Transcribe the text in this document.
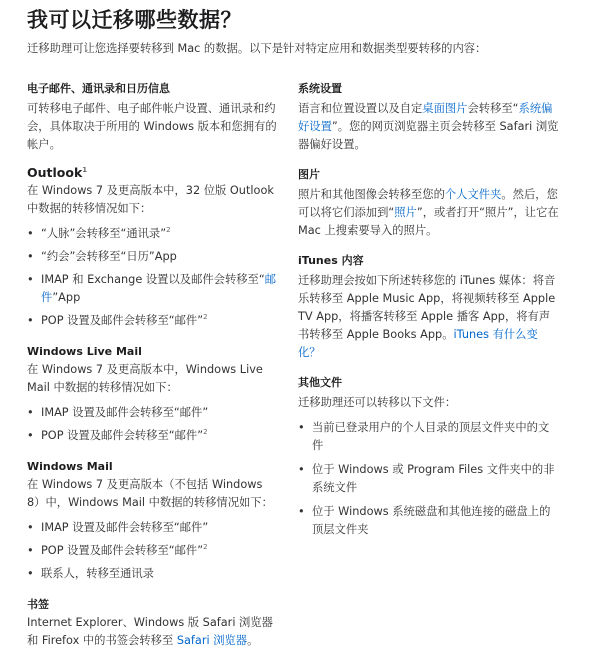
我可以迁移哪些数据？

迁移助理可让您选择要转移到 Mac 的数据。以下是针对特定应用和数据类型要转移的内容：

电子邮件、通讯录和日历信息

可转移电子邮件、电子邮件帐户设置、通讯录和约会，具体取决于所用的 Windows 版本和您拥有的帐户。

Outlook$^1$

在 Windows 7 及更高版本中，32 位版 Outlook 中数据的转移情况如下：

• “人脉”会转移至“通讯录”$^2$
• “约会”会转移至“日历”App
• IMAP 和 Exchange 设置以及邮件会转移至“邮件”App
• POP 设置及邮件会转移至“邮件”$^2$

Windows Live Mail

在 Windows 7 及更高版本中，Windows Live Mail 中数据的转移情况如下：

• IMAP 设置及邮件会转移至“邮件”
• POP 设置及邮件会转移至“邮件”$^2$

Windows Mail

在 Windows 7 及更高版本（不包括 Windows 8）中，Windows Mail 中数据的转移情况如下：

• IMAP 设置及邮件会转移至“邮件”
• POP 设置及邮件会转移至“邮件”$^2$
• 联系人，转移至通讯录

书签

Internet Explorer、Windows 版 Safari 浏览器和 Firefox 中的书签会转移至 Safari 浏览器。

系统设置

语言和位置设置以及自定桌面图片会转移至“系统偏好设置”。您的网页浏览器主页会转移至 Safari 浏览器偏好设置。

图片

照片和其他图像会转移至您的个人文件夹。然后，您可以将它们添加到“照片”，或者打开“照片”，让它在 Mac 上搜索要导入的照片。

iTunes 内容

迁移助理会按如下所述转移您的 iTunes 媒体：将音乐转移至 Apple Music App，将视频转移至 Apple TV App，将播客转移至 Apple 播客 App，将有声书转移至 Apple Books App。iTunes 有什么变化？

其他文件

迁移助理还可以转移以下文件：

• 当前已登录用户的个人目录的顶层文件夹中的文件
• 位于 Windows 或 Program Files 文件夹中的非系统文件
• 位于 Windows 系统磁盘和其他连接的磁盘上的顶层文件夹
